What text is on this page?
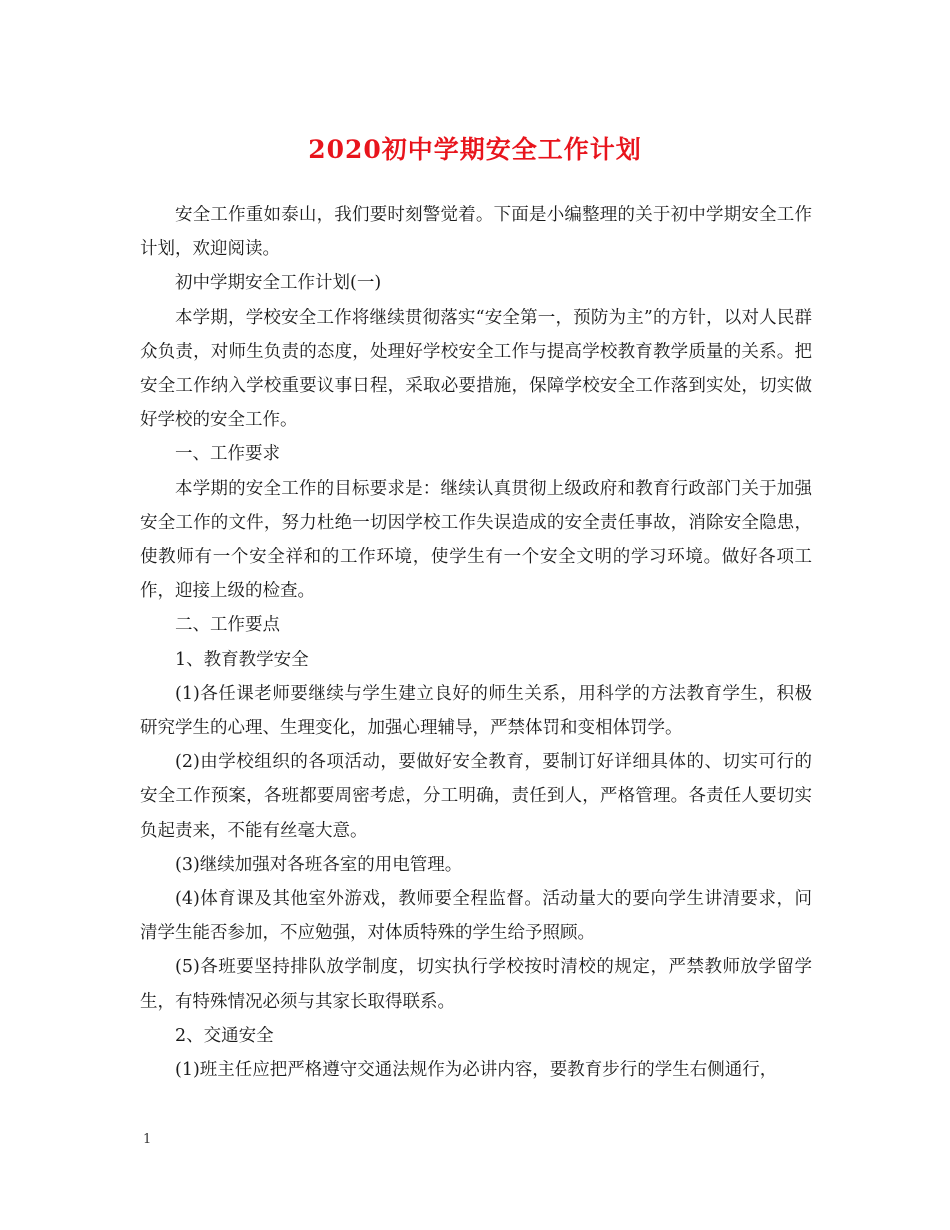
2020初中学期安全工作计划

安全工作重如泰山，我们要时刻警觉着。下面是小编整理的关于初中学期安全工作计划，欢迎阅读。

初中学期安全工作计划(一)

本学期，学校安全工作将继续贯彻落实“安全第一，预防为主”的方针，以对人民群众负责，对师生负责的态度，处理好学校安全工作与提高学校教育教学质量的关系。把安全工作纳入学校重要议事日程，采取必要措施，保障学校安全工作落到实处，切实做好学校的安全工作。

一、工作要求

本学期的安全工作的目标要求是：继续认真贯彻上级政府和教育行政部门关于加强安全工作的文件，努力杜绝一切因学校工作失误造成的安全责任事故，消除安全隐患，使教师有一个安全祥和的工作环境，使学生有一个安全文明的学习环境。做好各项工作，迎接上级的检查。

二、工作要点

1、教育教学安全

(1)各任课老师要继续与学生建立良好的师生关系，用科学的方法教育学生，积极研究学生的心理、生理变化，加强心理辅导，严禁体罚和变相体罚学。

(2)由学校组织的各项活动，要做好安全教育，要制订好详细具体的、切实可行的安全工作预案，各班都要周密考虑，分工明确，责任到人，严格管理。各责任人要切实负起责来，不能有丝毫大意。

(3)继续加强对各班各室的用电管理。

(4)体育课及其他室外游戏，教师要全程监督。活动量大的要向学生讲清要求，问清学生能否参加，不应勉强，对体质特殊的学生给予照顾。

(5)各班要坚持排队放学制度，切实执行学校按时清校的规定，严禁教师放学留学生，有特殊情况必须与其家长取得联系。

2、交通安全

(1)班主任应把严格遵守交通法规作为必讲内容，要教育步行的学生右侧通行，

1
